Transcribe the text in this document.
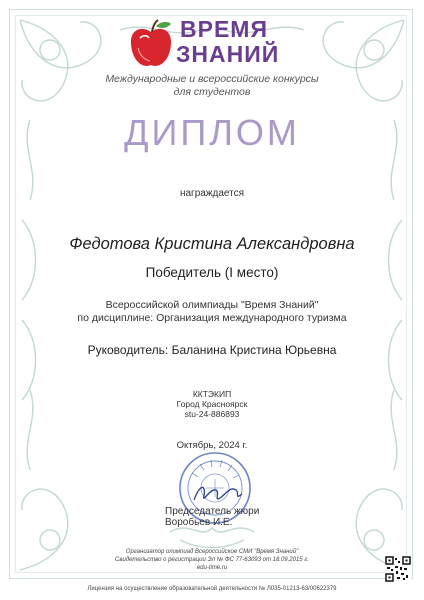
ВРЕМЯ
ЗНАНИЙ
Международные и всероссийские конкурсы
для студентов
ДИПЛОМ
награждается
Федотова Кристина Александровна
Победитель (I место)
Всероссийской олимпиады "Время Знаний"
по дисциплине: Организация международного туризма
Руководитель: Баланина Кристина Юрьевна
ККТЭКИП
Город Красноярск
stu-24-886893
Октябрь, 2024 г.
Председатель жюри
Воробьев И.Е.
Организатор олимпиад Всероссийское СМИ "Время Знаний"
Свидетельство о регистрации Эл № ФС 77-63093 от 18.09.2015 г.
edu-time.ru
Лицензия на осуществление образовательной деятельности № Л035-01213-63/00622379
